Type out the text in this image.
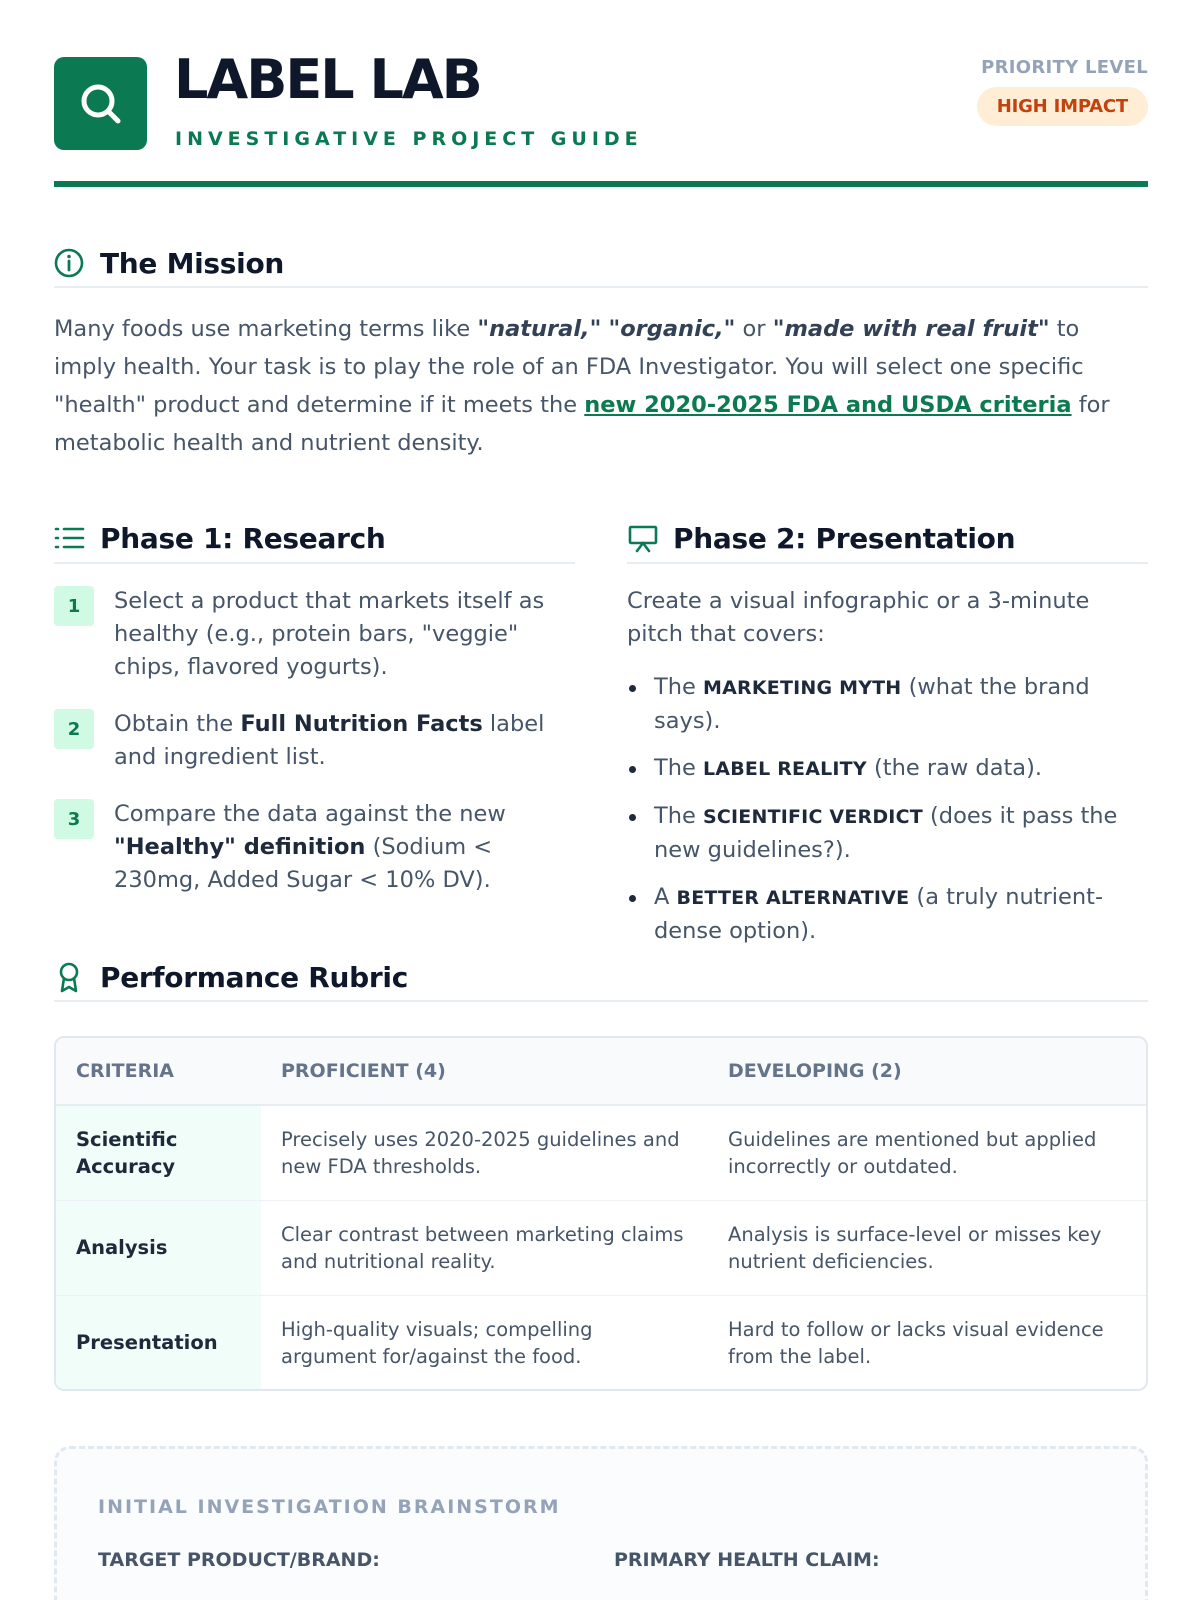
LABEL LAB
INVESTIGATIVE PROJECT GUIDE
PRIORITY LEVEL
HIGH IMPACT
The Mission

Many foods use marketing terms like "natural," "organic," or "made with real fruit" to imply health. Your task is to play the role of an FDA Investigator. You will select one specific "health" product and determine if it meets the new 2020-2025 FDA and USDA criteria for metabolic health and nutrient density.

Phase 1: Research
1	Select a product that markets itself as healthy (e.g., protein bars, "veggie" chips, flavored yogurts).
2	Obtain the Full Nutrition Facts label and ingredient list.
3	Compare the data against the new "Healthy" definition (Sodium < 230mg, Added Sugar < 10% DV).
Phase 2: Presentation

Create a visual infographic or a 3-minute pitch that covers:

The MARKETING MYTH (what the brand says).
The LABEL REALITY (the raw data).
The SCIENTIFIC VERDICT (does it pass the new guidelines?).
A BETTER ALTERNATIVE (a truly nutrient-dense option).
Performance Rubric
CRITERIA	PROFICIENT (4)	DEVELOPING (2)
Scientific Accuracy	Precisely uses 2020-2025 guidelines and new FDA thresholds.	Guidelines are mentioned but applied incorrectly or outdated.
Analysis	Clear contrast between marketing claims and nutritional reality.	Analysis is surface-level or misses key nutrient deficiencies.
Presentation	High-quality visuals; compelling argument for/against the food.	Hard to follow or lacks visual evidence from the label.
INITIAL INVESTIGATION BRAINSTORM
TARGET PRODUCT/BRAND:	PRIMARY HEALTH CLAIM:
